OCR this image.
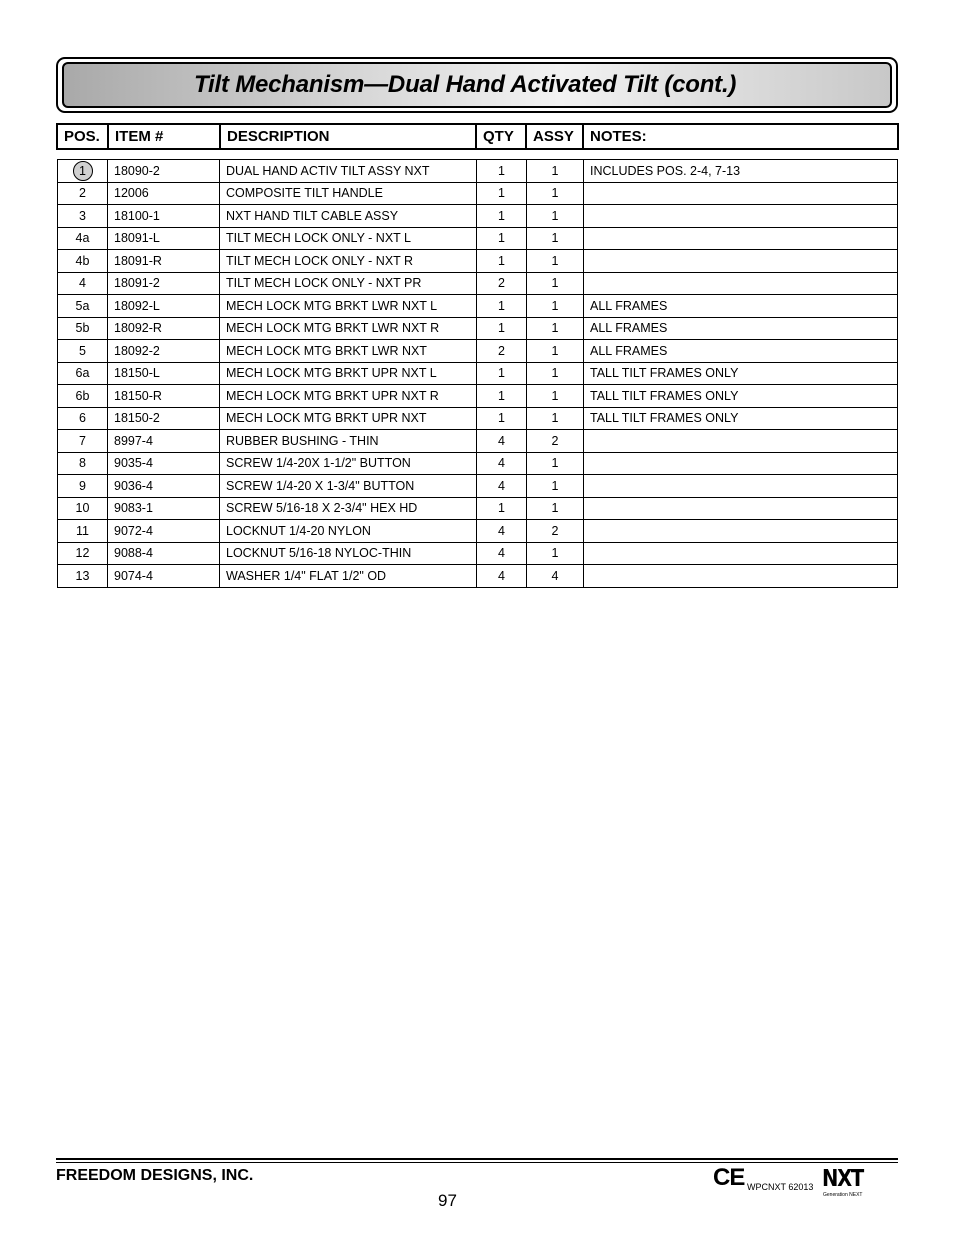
Tilt Mechanism—Dual Hand Activated Tilt (cont.)
POS.	ITEM #	DESCRIPTION	QTY	ASSY	NOTES:
1	18090-2	DUAL HAND ACTIV TILT ASSY NXT	1	1	INCLUDES POS. 2-4, 7-13
2	12006	COMPOSITE TILT HANDLE	1	1	
3	18100-1	NXT HAND TILT CABLE ASSY	1	1	
4a	18091-L	TILT MECH LOCK ONLY - NXT L	1	1	
4b	18091-R	TILT MECH LOCK ONLY - NXT R	1	1	
4	18091-2	TILT MECH LOCK ONLY - NXT PR	2	1	
5a	18092-L	MECH LOCK MTG BRKT LWR NXT L	1	1	ALL FRAMES
5b	18092-R	MECH LOCK MTG BRKT LWR NXT R	1	1	ALL FRAMES
5	18092-2	MECH LOCK MTG BRKT LWR NXT	2	1	ALL FRAMES
6a	18150-L	MECH LOCK MTG BRKT UPR NXT L	1	1	TALL TILT FRAMES ONLY
6b	18150-R	MECH LOCK MTG BRKT UPR NXT R	1	1	TALL TILT FRAMES ONLY
6	18150-2	MECH LOCK MTG BRKT UPR NXT	1	1	TALL TILT FRAMES ONLY
7	8997-4	RUBBER BUSHING - THIN	4	2	
8	9035-4	SCREW 1/4-20X 1-1/2" BUTTON	4	1	
9	9036-4	SCREW 1/4-20 X 1-3/4" BUTTON	4	1	
10	9083-1	SCREW 5/16-18 X 2-3/4" HEX HD	1	1	
11	9072-4	LOCKNUT 1/4-20 NYLON	4	2	
12	9088-4	LOCKNUT 5/16-18 NYLOC-THIN	4	1	
13	9074-4	WASHER 1/4" FLAT 1/2" OD	4	4	
FREEDOM DESIGNS, INC.
97
CE WPCNXT 62013 NXT
Generation NEXT
